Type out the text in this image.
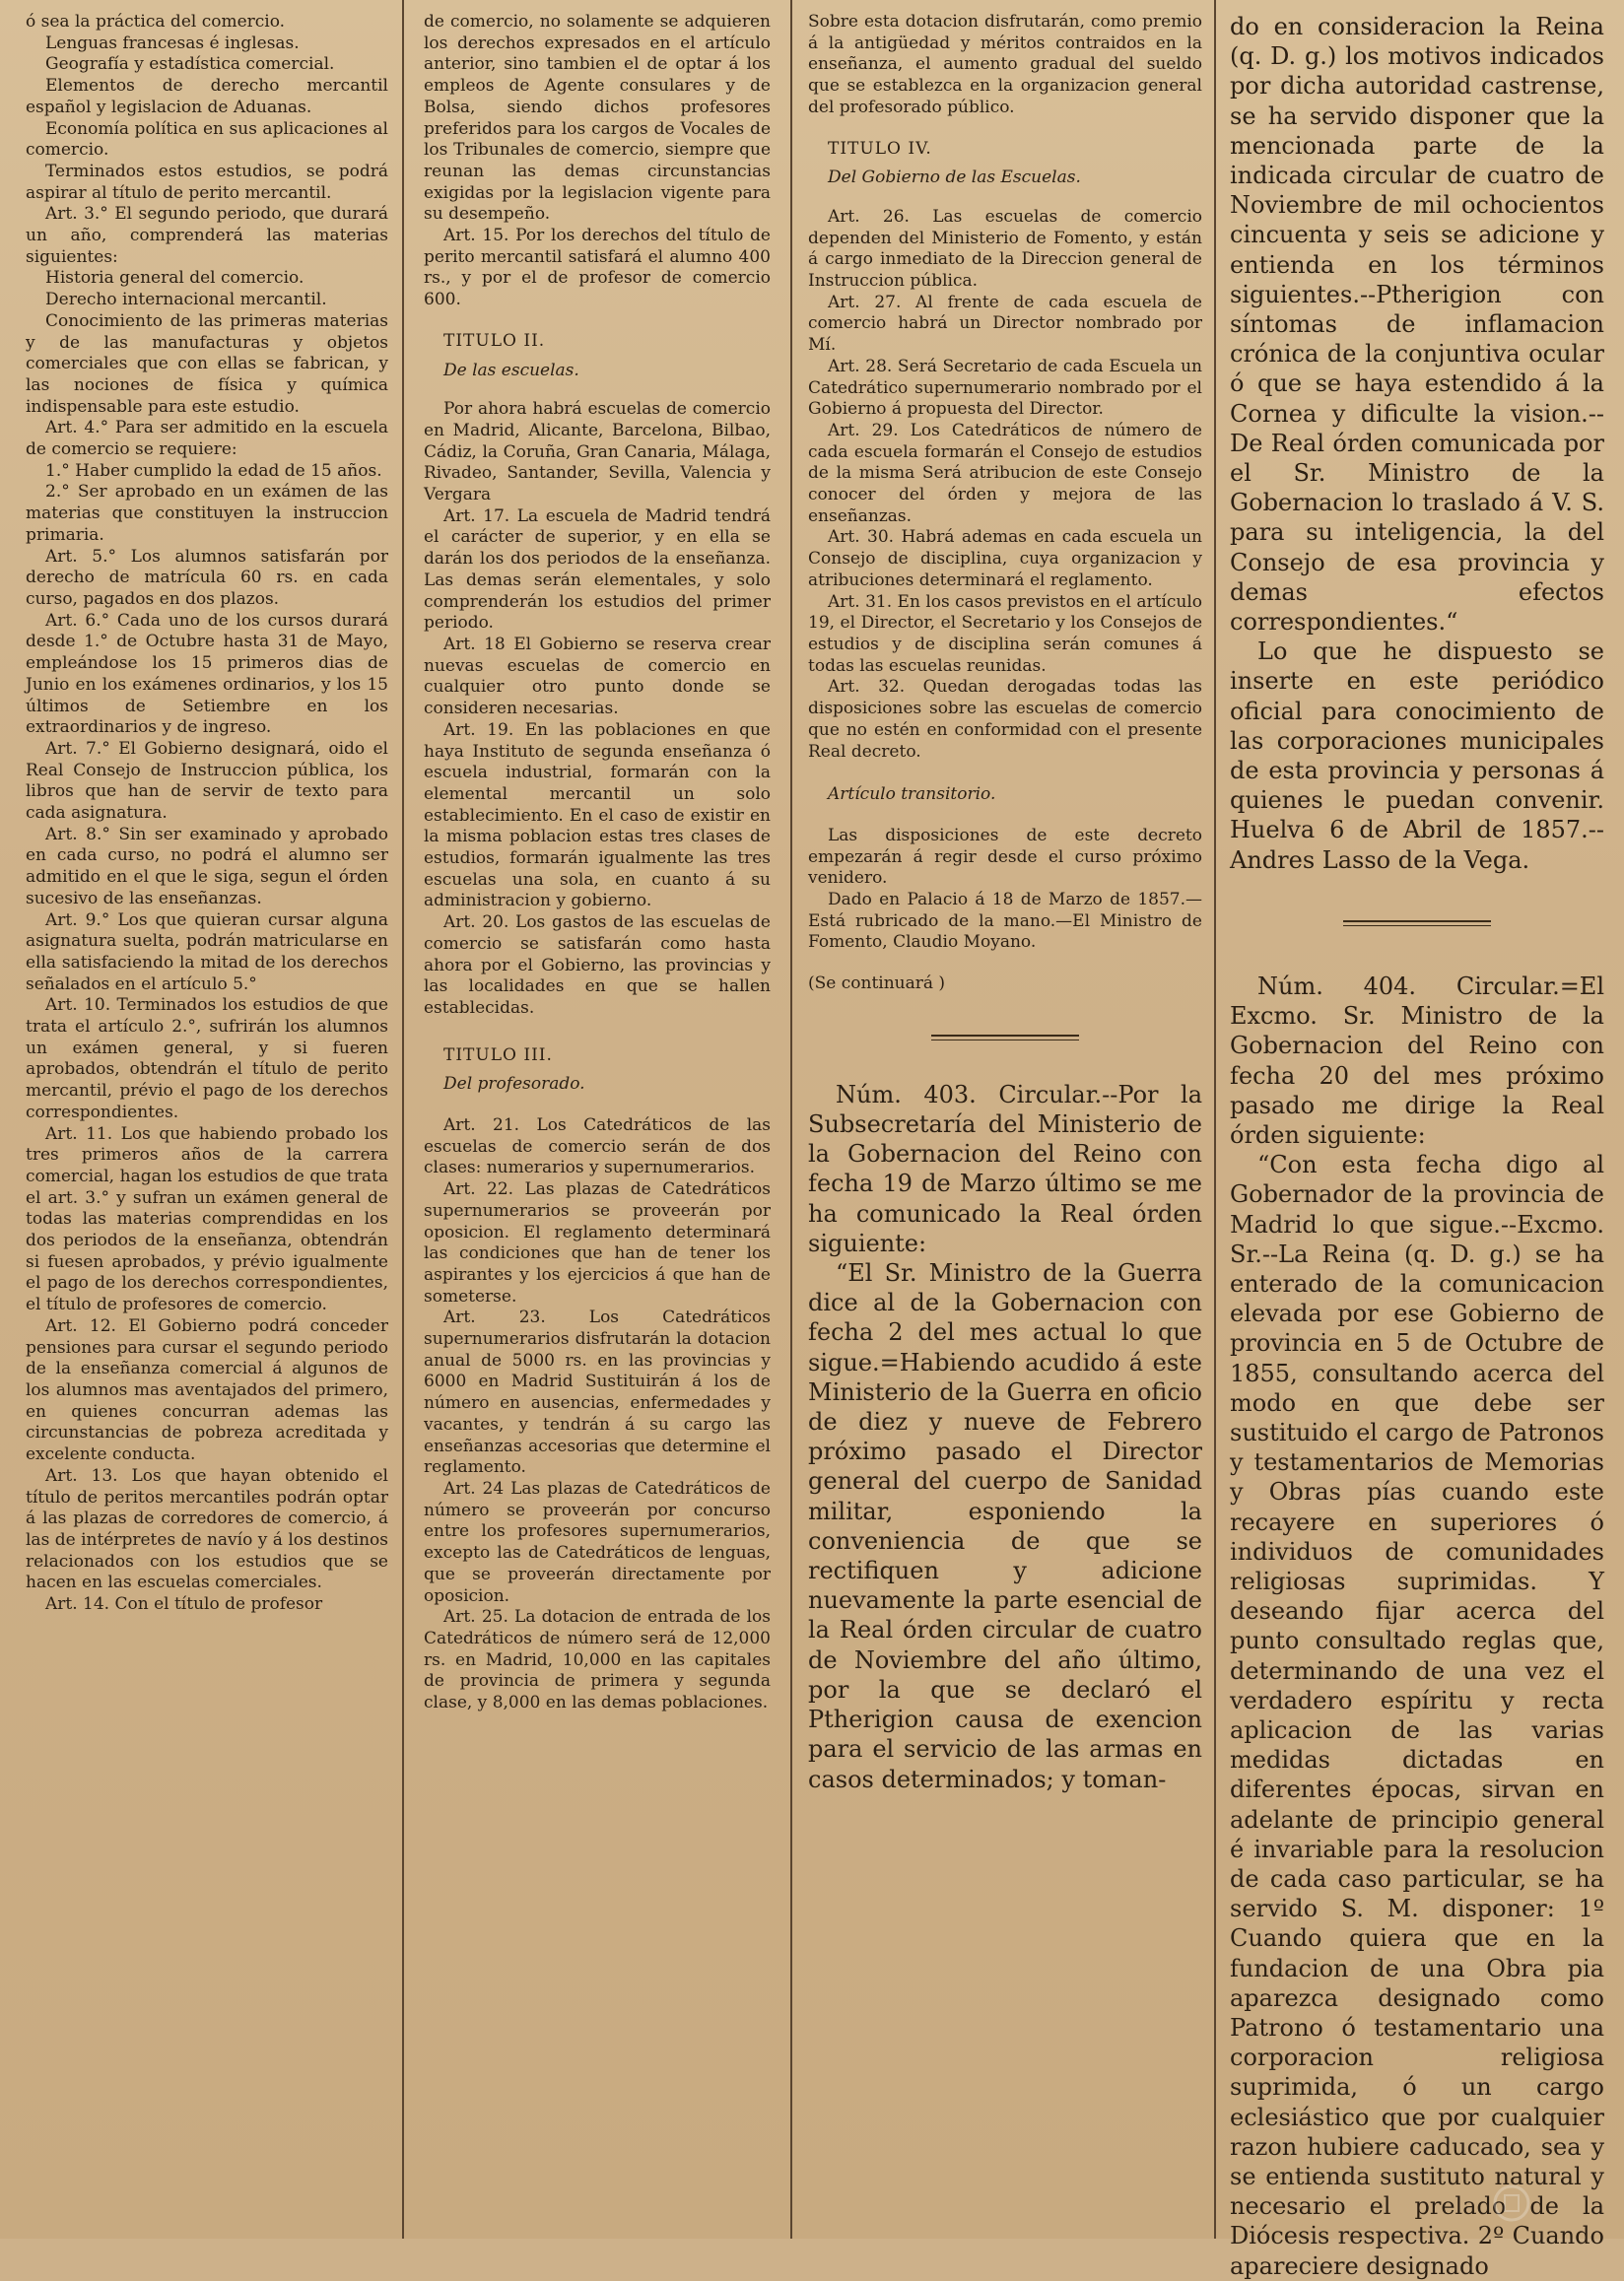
ó sea la práctica del comercio.

Lenguas francesas é inglesas.

Geografía y estadística comercial.

Elementos de derecho mercantil español y legislacion de Aduanas.

Economía política en sus aplicaciones al comercio.

Terminados estos estudios, se podrá aspirar al título de perito mercantil.

Art. 3.° El segundo periodo, que durará un año, comprenderá las materias siguientes:

Historia general del comercio.

Derecho internacional mercantil.

Conocimiento de las primeras materias y de las manufacturas y objetos comerciales que con ellas se fabrican, y las nociones de física y química indispensable para este estudio.

Art. 4.° Para ser admitido en la escuela de comercio se requiere:

1.° Haber cumplido la edad de 15 años.

2.° Ser aprobado en un exámen de las materias que constituyen la instruccion primaria.

Art. 5.° Los alumnos satisfarán por derecho de matrícula 60 rs. en cada curso, pagados en dos plazos.

Art. 6.° Cada uno de los cursos durará desde 1.° de Octubre hasta 31 de Mayo, empleándose los 15 primeros dias de Junio en los exámenes ordinarios, y los 15 últimos de Setiembre en los extraordinarios y de ingreso.

Art. 7.° El Gobierno designará, oido el Real Consejo de Instruccion pública, los libros que han de servir de texto para cada asignatura.

Art. 8.° Sin ser examinado y aprobado en cada curso, no podrá el alumno ser admitido en el que le siga, segun el órden sucesivo de las enseñanzas.

Art. 9.° Los que quieran cursar alguna asignatura suelta, podrán matricularse en ella satisfaciendo la mitad de los derechos señalados en el artículo 5.°

Art. 10. Terminados los estudios de que trata el artículo 2.°, sufrirán los alumnos un exámen general, y si fueren aprobados, obtendrán el título de perito mercantil, prévio el pago de los derechos correspondientes.

Art. 11. Los que habiendo probado los tres primeros años de la carrera comercial, hagan los estudios de que trata el art. 3.° y sufran un exámen general de todas las materias comprendidas en los dos periodos de la enseñanza, obtendrán si fuesen aprobados, y prévio igualmente el pago de los derechos correspondientes, el título de profesores de comercio.

Art. 12. El Gobierno podrá conceder pensiones para cursar el segundo periodo de la enseñanza comercial á algunos de los alumnos mas aventajados del primero, en quienes concurran ademas las circunstancias de pobreza acreditada y excelente conducta.

Art. 13. Los que hayan obtenido el título de peritos mercantiles podrán optar á las plazas de corredores de comercio, á las de intérpretes de navío y á los destinos relacionados con los estudios que se hacen en las escuelas comerciales.

Art. 14. Con el título de profesor

de comercio, no solamente se adquieren los derechos expresados en el artículo anterior, sino tambien el de optar á los empleos de Agente consulares y de Bolsa, siendo dichos profesores preferidos para los cargos de Vocales de los Tribunales de comercio, siempre que reunan las demas circunstancias exigidas por la legislacion vigente para su desempeño.

Art. 15. Por los derechos del título de perito mercantil satisfará el alumno 400 rs., y por el de profesor de comercio 600.

TITULO II.

De las escuelas.

Por ahora habrá escuelas de comercio en Madrid, Alicante, Barcelona, Bilbao, Cádiz, la Coruña, Gran Canaria, Málaga, Rivadeo, Santander, Sevilla, Valencia y Vergara

Art. 17. La escuela de Madrid tendrá el carácter de superior, y en ella se darán los dos periodos de la enseñanza. Las demas serán elementales, y solo comprenderán los estudios del primer periodo.

Art. 18 El Gobierno se reserva crear nuevas escuelas de comercio en cualquier otro punto donde se consideren necesarias.

Art. 19. En las poblaciones en que haya Instituto de segunda enseñanza ó escuela industrial, formarán con la elemental mercantil un solo establecimiento. En el caso de existir en la misma poblacion estas tres clases de estudios, formarán igualmente las tres escuelas una sola, en cuanto á su administracion y gobierno.

Art. 20. Los gastos de las escuelas de comercio se satisfarán como hasta ahora por el Gobierno, las provincias y las localidades en que se hallen establecidas.

TITULO III.

Del profesorado.

Art. 21. Los Catedráticos de las escuelas de comercio serán de dos clases: numerarios y supernumerarios.

Art. 22. Las plazas de Catedráticos supernumerarios se proveerán por oposicion. El reglamento determinará las condiciones que han de tener los aspirantes y los ejercicios á que han de someterse.

Art. 23. Los Catedráticos supernumerarios disfrutarán la dotacion anual de 5000 rs. en las provincias y 6000 en Madrid Sustituirán á los de número en ausencias, enfermedades y vacantes, y tendrán á su cargo las enseñanzas accesorias que determine el reglamento.

Art. 24 Las plazas de Catedráticos de número se proveerán por concurso entre los profesores supernumerarios, excepto las de Catedráticos de lenguas, que se proveerán directamente por oposicion.

Art. 25. La dotacion de entrada de los Catedráticos de número será de 12,000 rs. en Madrid, 10,000 en las capitales de provincia de primera y segunda clase, y 8,000 en las demas poblaciones.

Sobre esta dotacion disfrutarán, como premio á la antigüedad y méritos contraidos en la enseñanza, el aumento gradual del sueldo que se establezca en la organizacion general del profesorado público.

TITULO IV.

Del Gobierno de las Escuelas.

Art. 26. Las escuelas de comercio dependen del Ministerio de Fomento, y están á cargo inmediato de la Direccion general de Instruccion pública.

Art. 27. Al frente de cada escuela de comercio habrá un Director nombrado por Mí.

Art. 28. Será Secretario de cada Escuela un Catedrático supernumerario nombrado por el Gobierno á propuesta del Director.

Art. 29. Los Catedráticos de número de cada escuela formarán el Consejo de estudios de la misma Será atribucion de este Consejo conocer del órden y mejora de las enseñanzas.

Art. 30. Habrá ademas en cada escuela un Consejo de disciplina, cuya organizacion y atribuciones determinará el reglamento.

Art. 31. En los casos previstos en el artículo 19, el Director, el Secretario y los Consejos de estudios y de disciplina serán comunes á todas las escuelas reunidas.

Art. 32. Quedan derogadas todas las disposiciones sobre las escuelas de comercio que no estén en conformidad con el presente Real decreto.

Artículo transitorio.

Las disposiciones de este decreto empezarán á regir desde el curso próximo venidero.

Dado en Palacio á 18 de Marzo de 1857.—Está rubricado de la mano.—El Ministro de Fomento, Claudio Moyano.

(Se continuará )

Núm. 403. Circular.--Por la Subsecretaría del Ministerio de la Gobernacion del Reino con fecha 19 de Marzo último se me ha comunicado la Real órden siguiente:

“El Sr. Ministro de la Guerra dice al de la Gobernacion con fecha 2 del mes actual lo que sigue.=Habiendo acudido á este Ministerio de la Guerra en oficio de diez y nueve de Febrero próximo pasado el Director general del cuerpo de Sanidad militar, esponiendo la conveniencia de que se rectifiquen y adicione nuevamente la parte esencial de la Real órden circular de cuatro de Noviembre del año último, por la que se declaró el Ptherigion causa de exencion para el servicio de las armas en casos determinados; y toman-

do en consideracion la Reina (q. D. g.) los motivos indicados por dicha autoridad castrense, se ha servido disponer que la mencionada parte de la indicada circular de cuatro de Noviembre de mil ochocientos cincuenta y seis se adicione y entienda en los términos siguientes.--Ptherigion con síntomas de inflamacion crónica de la conjuntiva ocular ó que se haya estendido á la Cornea y dificulte la vision.-- De Real órden comunicada por el Sr. Ministro de la Gobernacion lo traslado á V. S. para su inteligencia, la del Consejo de esa provincia y demas efectos correspondientes.“

Lo que he dispuesto se inserte en este periódico oficial para conocimiento de las corporaciones municipales de esta provincia y personas á quienes le puedan convenir. Huelva 6 de Abril de 1857.--Andres Lasso de la Vega.

Núm. 404. Circular.=El Excmo. Sr. Ministro de la Gobernacion del Reino con fecha 20 del mes próximo pasado me dirige la Real órden siguiente:

“Con esta fecha digo al Gobernador de la provincia de Madrid lo que sigue.--Excmo. Sr.--La Reina (q. D. g.) se ha enterado de la comunicacion elevada por ese Gobierno de provincia en 5 de Octubre de 1855, consultando acerca del modo en que debe ser sustituido el cargo de Patronos y testamentarios de Memorias y Obras pías cuando este recayere en superiores ó individuos de comunidades religiosas suprimidas. Y deseando fijar acerca del punto consultado reglas que, determinando de una vez el verdadero espíritu y recta aplicacion de las varias medidas dictadas en diferentes épocas, sirvan en adelante de principio general é invariable para la resolucion de cada caso particular, se ha servido S. M. disponer: 1º Cuando quiera que en la fundacion de una Obra pia aparezca designado como Patrono ó testamentario una corporacion religiosa suprimida, ó un cargo eclesiástico que por cualquier razon hubiere caducado, sea y se entienda sustituto natural y necesario el prelado de la Diócesis respectiva. 2º Cuando apareciere designado
